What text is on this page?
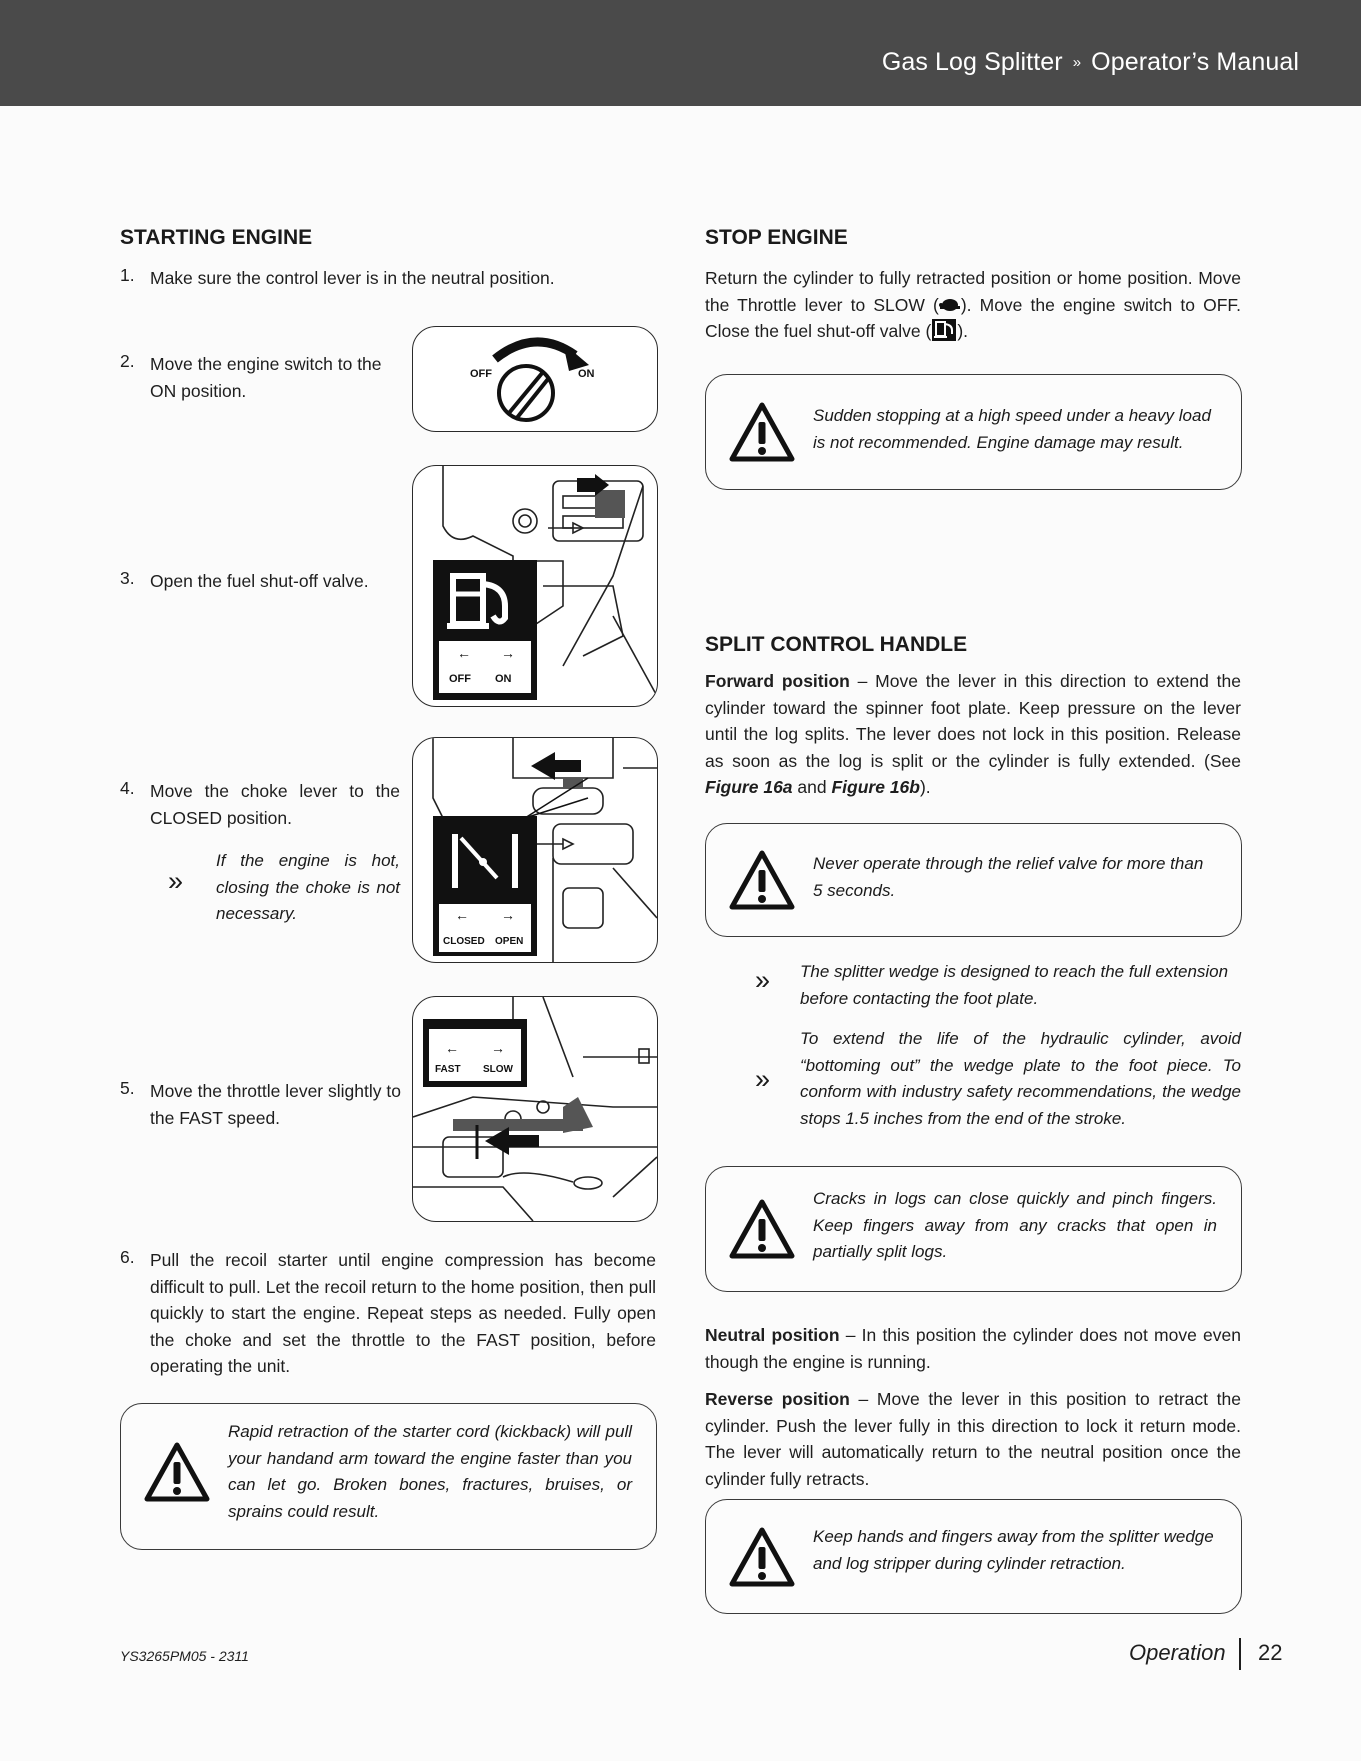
Gas Log Splitter » Operator’s Manual
STARTING ENGINE
1. Make sure the control lever is in the neutral position.
2. Move the engine switch to the ON position.
OFF	ON
3. Open the fuel shut-off valve.
← →
OFF ON
4. Move the choke lever to the CLOSED position.
»
If the engine is hot, closing the choke is not necessary.	← →
CLOSED OPEN
5. Move the throttle lever slightly to the FAST speed.
← →
FAST SLOW
6. Pull the recoil starter until engine compression has become difficult to pull. Let the recoil return to the home position, then pull quickly to start the engine. Repeat steps as needed. Fully open the choke and set the throttle to the FAST position, before operating the unit.
Rapid retraction of the starter cord (kickback) will pull your handand arm toward the engine faster than you can let go. Broken bones, fractures, bruises, or sprains could result.
STOP ENGINE
Return the cylinder to fully retracted position or home position. Move the Throttle lever to SLOW ( ). Move the engine switch to OFF. Close the fuel shut-off valve ( ).
Sudden stopping at a high speed under a heavy load is not recommended. Engine damage may result.
SPLIT CONTROL HANDLE
Forward position – Move the lever in this direction to extend the cylinder toward the spinner foot plate. Keep pressure on the lever until the log splits. The lever does not lock in this position. Release as soon as the log is split or the cylinder is fully extended. (See Figure 16a and Figure 16b).
Never operate through the relief valve for more than 5 seconds.
» The splitter wedge is designed to reach the full extension before contacting the foot plate.
»
To extend the life of the hydraulic cylinder, avoid “bottoming out” the wedge plate to the foot piece. To conform with industry safety recommendations, the wedge stops 1.5 inches from the end of the stroke.
Cracks in logs can close quickly and pinch fingers. Keep fingers away from any cracks that open in partially split logs.
Neutral position – In this position the cylinder does not move even though the engine is running.
Reverse position – Move the lever in this position to retract the cylinder. Push the lever fully in this direction to lock it return mode. The lever will automatically return to the neutral position once the cylinder fully retracts.
Keep hands and fingers away from the splitter wedge and log stripper during cylinder retraction.
YS3265PM05 - 2311	Operation 22
